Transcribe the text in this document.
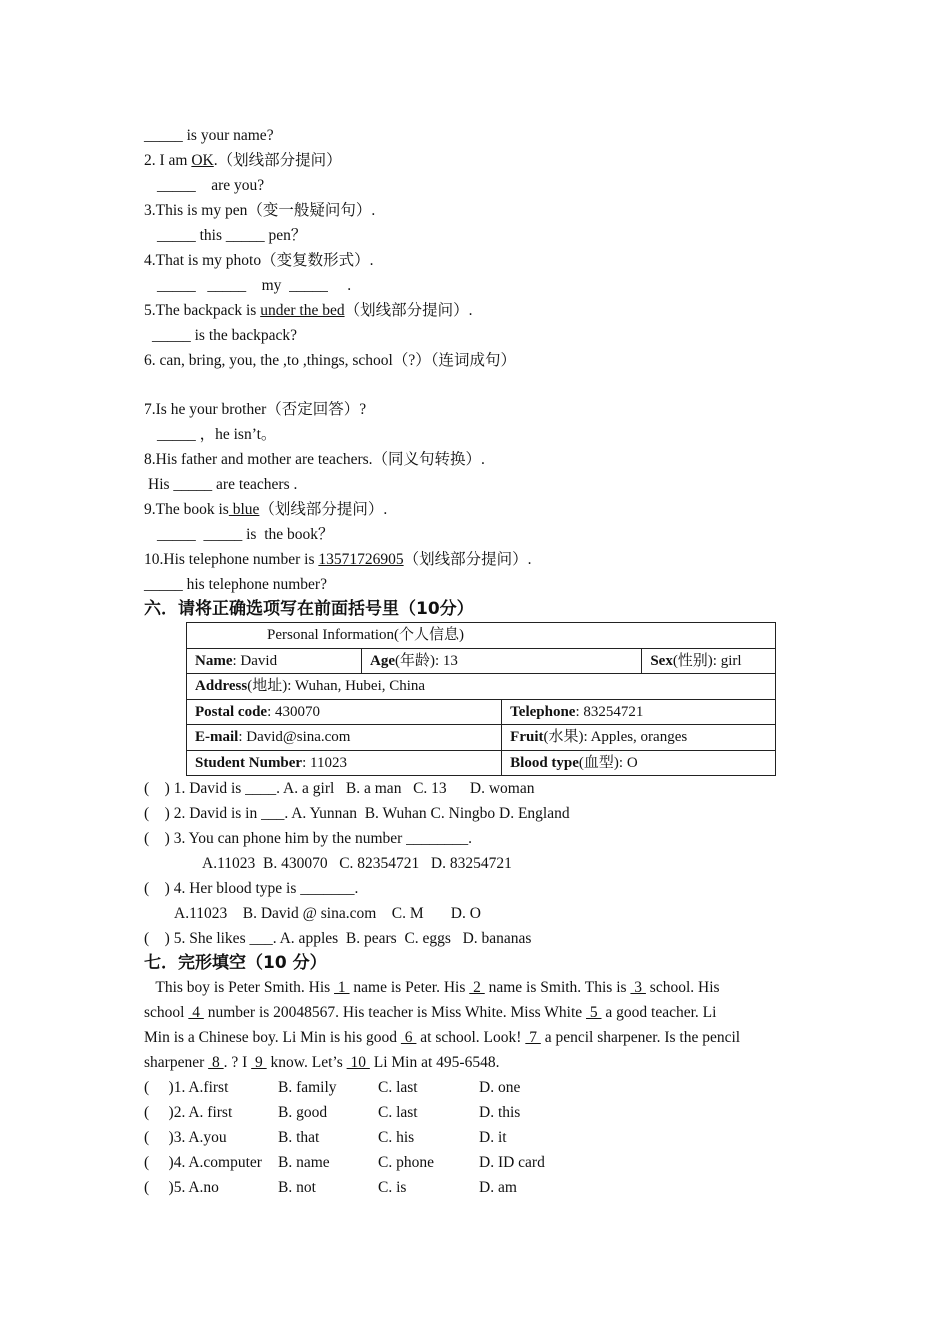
_____ is your name?
2. I am OK.（划线部分提问）
_____    are you?
3.This is my pen（变一般疑问句）.
_____ this _____ pen？
4.That is my photo（变复数形式）.
_____   _____    my  _____     .
5.The backpack is under the bed（划线部分提问）.
_____ is the backpack?
6. can, bring, you, the ,to ,things, school（?）（连词成句）
7.Is he your brother（否定回答）?
_____ ，he isn’t。
8.His father and mother are teachers.（同义句转换）.
His _____ are teachers .
9.The book is blue（划线部分提问）.
_____  _____ is  the book？
10.His telephone number is 13571726905（划线部分提问）.
_____ his telephone number?
六．请将正确选项写在前面括号里（10分）
Personal Information(个人信息)			
Name: David	Age(年龄): 13		Sex(性别): girl
Address(地址): Wuhan, Hubei, China			
Postal code: 430070		Telephone: 83254721	
E-mail: David@sina.com		Fruit(水果): Apples, oranges	
Student Number: 11023		Blood type(血型): O	
(    ) 1. David is ____. A. a girl   B. a man   C. 13      D. woman
(    ) 2. David is in ___. A. Yunnan  B. Wuhan C. Ningbo D. England
(    ) 3. You can phone him by the number ________.
A.11023  B. 430070   C. 82354721   D. 83254721
(    ) 4. Her blood type is _______.
A.11023    B. David @ sina.com    C. M       D. O
(    ) 5. She likes ___. A. apples  B. pears  C. eggs   D. bananas
七．完形填空（10 分）
This boy is Peter Smith. His  1  name is Peter. His  2  name is Smith. This is  3  school. His
school  4  number is 20048567. His teacher is Miss White. Miss White  5  a good teacher. Li
Min is a Chinese boy. Li Min is his good  6  at school. Look!  7  a pencil sharpener. Is the pencil
sharpener  8 . ? I  9  know. Let’s  10  Li Min at 495-6548.
(     )1. A.first	B. family	C. last	D. one
(     )2. A. first	B. good	C. last	D. this
(     )3. A.you	B. that	C. his	D. it
(     )4. A.computer B. name	C. phone	D. ID card
(     )5. A.no	B. not	C. is	D. am
